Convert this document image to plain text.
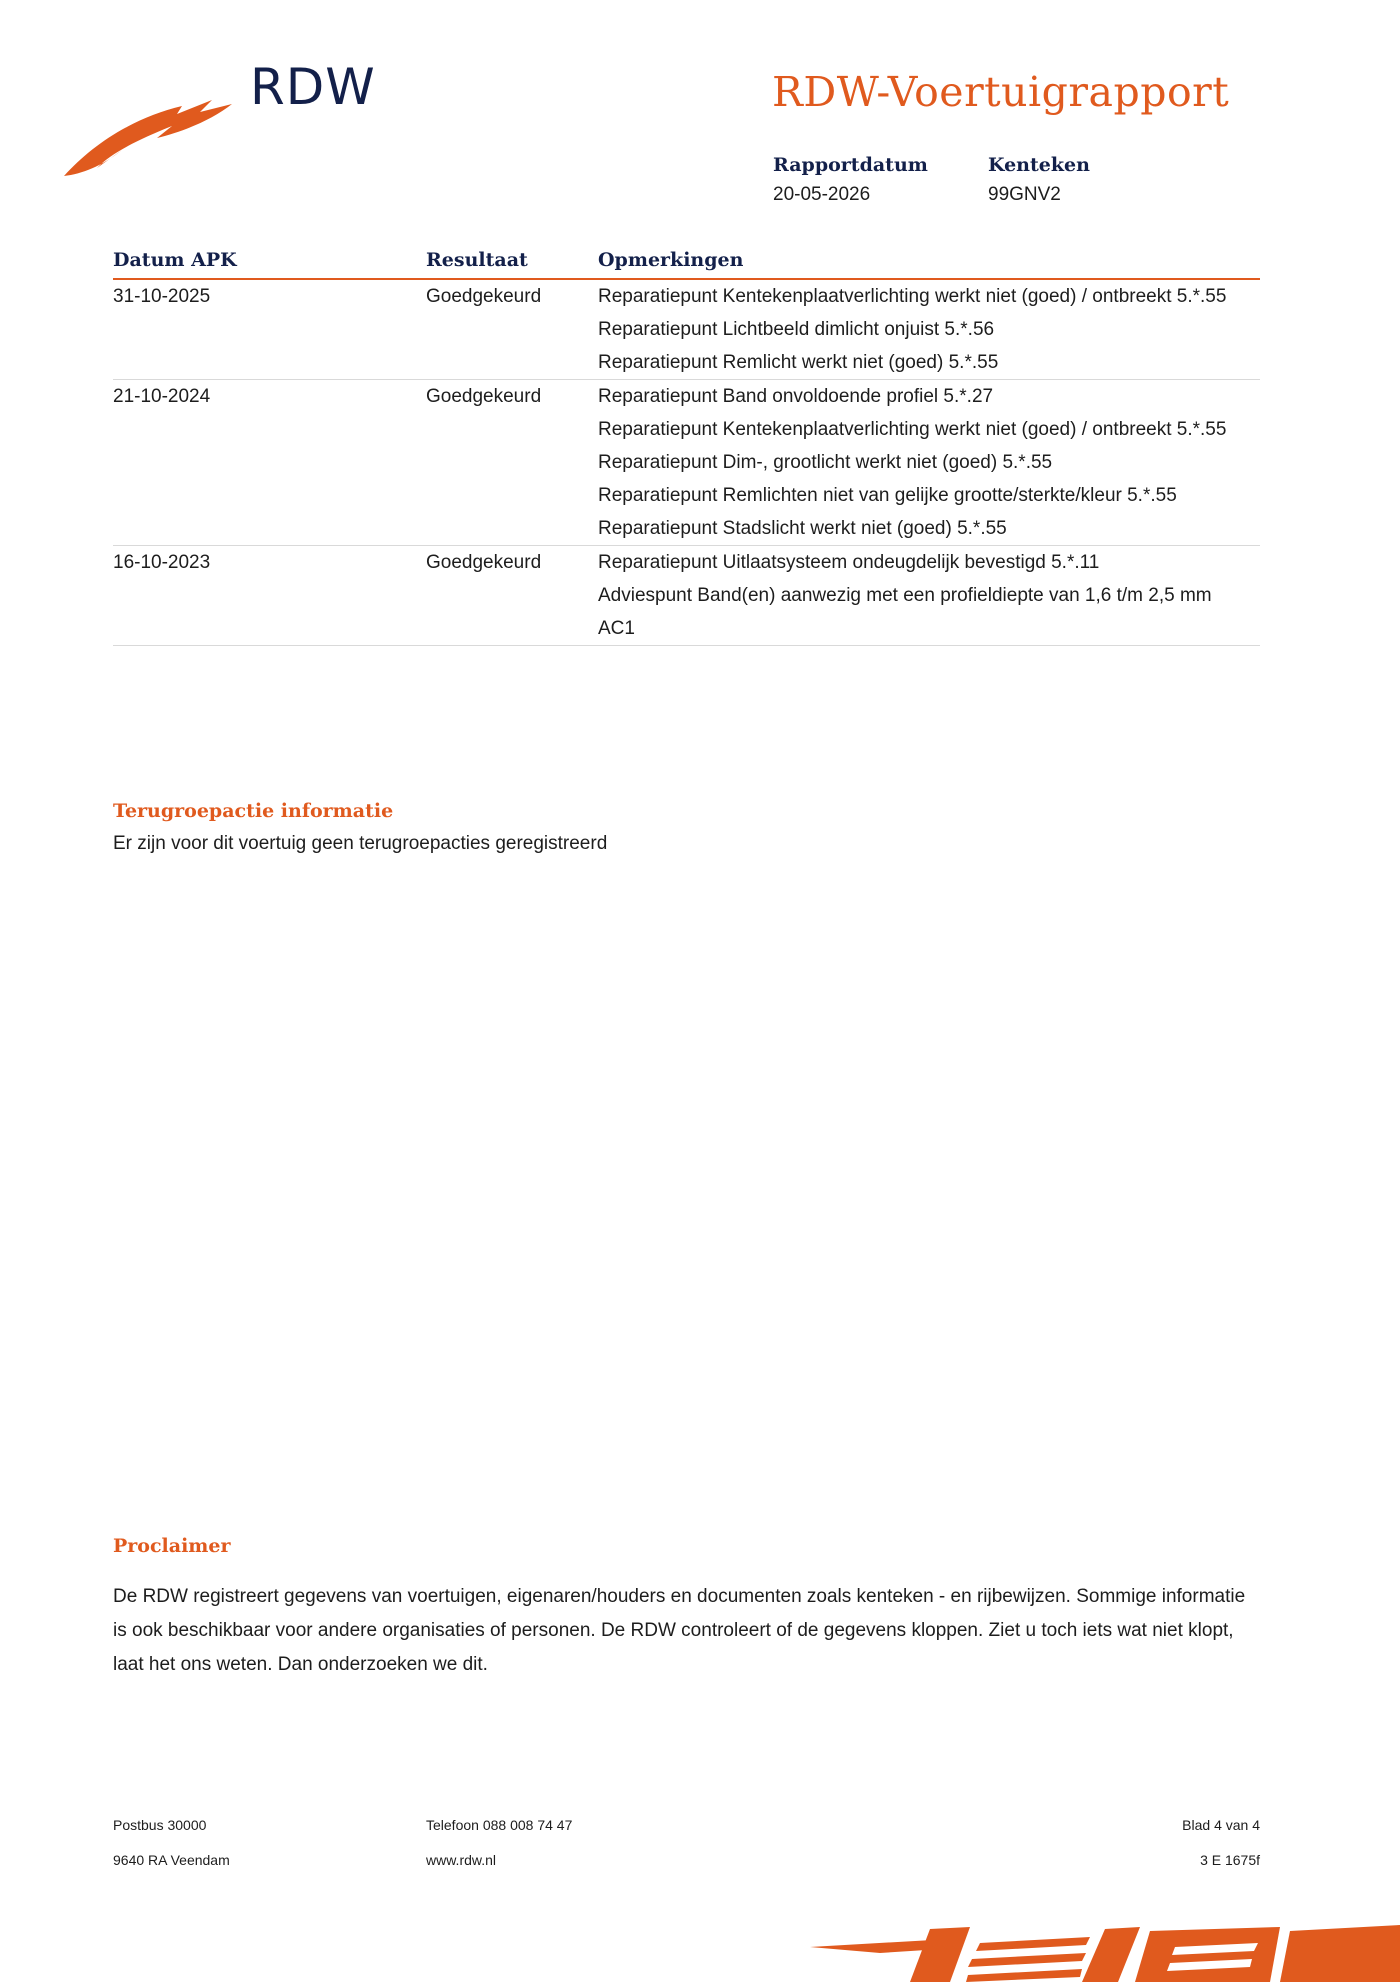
RDW	RDW-Voertuigrapport
Rapportdatum
20-05-2026
Kenteken
99GNV2
Datum APK	Resultaat	Opmerkingen
31-10-2025	Goedgekeurd	Reparatiepunt Kentekenplaatverlichting werkt niet (goed) / ontbreekt 5.*.55
Reparatiepunt Lichtbeeld dimlicht onjuist 5.*.56
Reparatiepunt Remlicht werkt niet (goed) 5.*.55
21-10-2024	Goedgekeurd	Reparatiepunt Band onvoldoende profiel 5.*.27
Reparatiepunt Kentekenplaatverlichting werkt niet (goed) / ontbreekt 5.*.55
Reparatiepunt Dim-, grootlicht werkt niet (goed) 5.*.55
Reparatiepunt Remlichten niet van gelijke grootte/sterkte/kleur 5.*.55
Reparatiepunt Stadslicht werkt niet (goed) 5.*.55
16-10-2023	Goedgekeurd	Reparatiepunt Uitlaatsysteem ondeugdelijk bevestigd 5.*.11
Adviespunt Band(en) aanwezig met een profieldiepte van 1,6 t/m 2,5 mm AC1
Terugroepactie informatie
Er zijn voor dit voertuig geen terugroepacties geregistreerd
Proclaimer
De RDW registreert gegevens van voertuigen, eigenaren/houders en documenten zoals kenteken - en rijbewijzen. Sommige informatie is ook beschikbaar voor andere organisaties of personen. De RDW controleert of de gegevens kloppen. Ziet u toch iets wat niet klopt, laat het ons weten. Dan onderzoeken we dit.
Postbus 30000
9640 RA Veendam
Telefoon 088 008 74 47
www.rdw.nl
Blad 4 van 4
3 E 1675f
